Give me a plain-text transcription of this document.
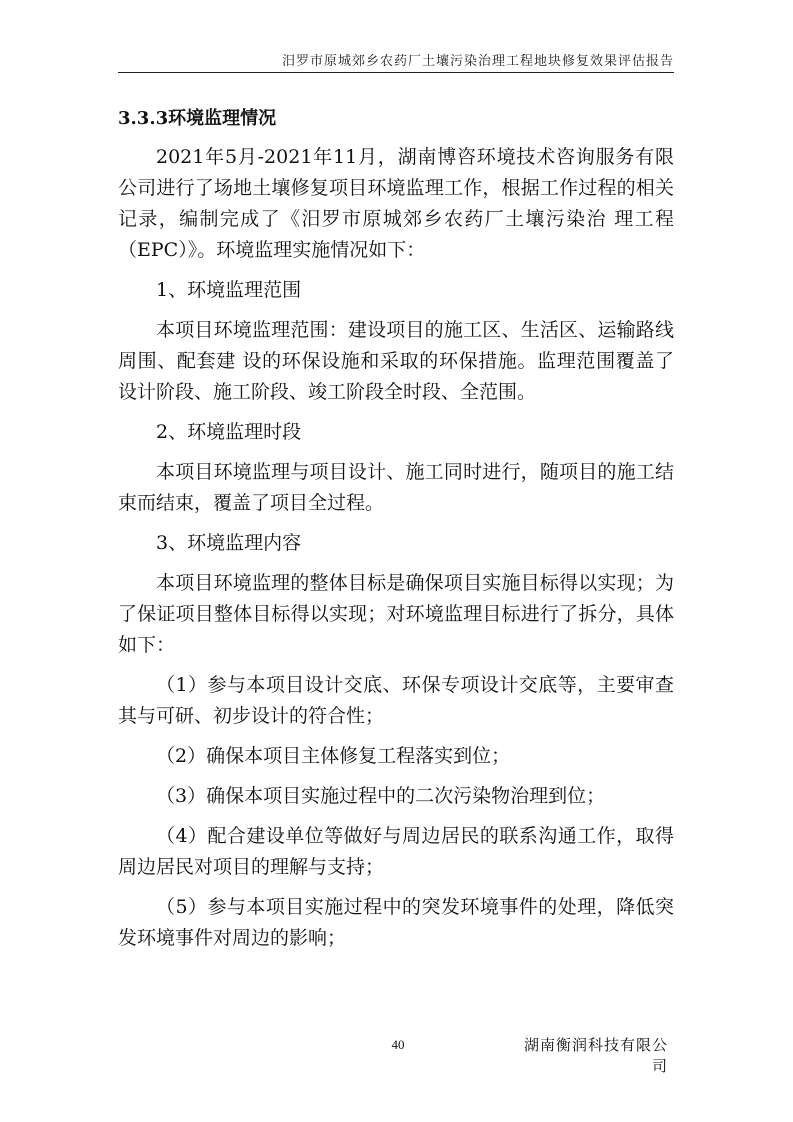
汨罗市原城郊乡农药厂土壤污染治理工程地块修复效果评估报告
3.3.3环境监理情况

2021年5月-2021年11月，湖南博咨环境技术咨询服务有限公司进行了场地土壤修复项目环境监理工作，根据工作过程的相关记录，编制完成了《汨罗市原城郊乡农药厂土壤污染治 理工程（EPC）》。环境监理实施情况如下：

1、环境监理范围

本项目环境监理范围：建设项目的施工区、生活区、运输路线周围、配套建 设的环保设施和采取的环保措施。监理范围覆盖了设计阶段、施工阶段、竣工阶段全时段、全范围。

2、环境监理时段

本项目环境监理与项目设计、施工同时进行，随项目的施工结束而结束，覆盖了项目全过程。

3、环境监理内容

本项目环境监理的整体目标是确保项目实施目标得以实现；为了保证项目整体目标得以实现；对环境监理目标进行了拆分，具体如下：

（1）参与本项目设计交底、环保专项设计交底等，主要审查其与可研、初步设计的符合性；

（2）确保本项目主体修复工程落实到位；

（3）确保本项目实施过程中的二次污染物治理到位；

（4）配合建设单位等做好与周边居民的联系沟通工作，取得周边居民对项目的理解与支持；

（5）参与本项目实施过程中的突发环境事件的处理，降低突发环境事件对周边的影响；

40	湖南衡润科技有限公司
